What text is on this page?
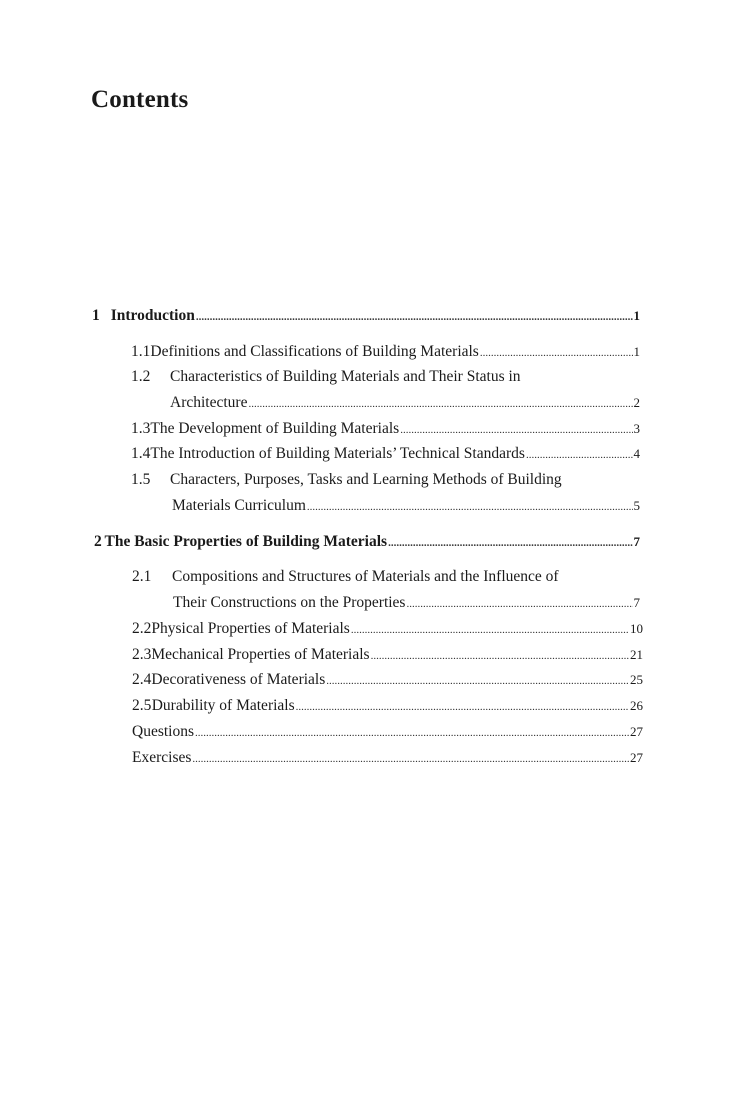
Contents
1 Introduction .....	1
1.1 Definitions and Classifications of Building Materials .....	1
1.2	Characteristics of Building Materials and Their Status in
Architecture .....	2
1.3 The Development of Building Materials .....	3
1.4 The Introduction of Building Materials’ Technical Standards .....	4
1.5	Characters, Purposes, Tasks and Learning Methods of Building
Materials Curriculum .....	5
2 The Basic Properties of Building Materials .....	7
2.1	Compositions and Structures of Materials and the Influence of
Their Constructions on the Properties .....	7
2.2 Physical Properties of Materials .....	10
2.3 Mechanical Properties of Materials .....	21
2.4 Decorativeness of Materials .....	25
2.5 Durability of Materials .....	26
Questions .....	27
Exercises .....	27
